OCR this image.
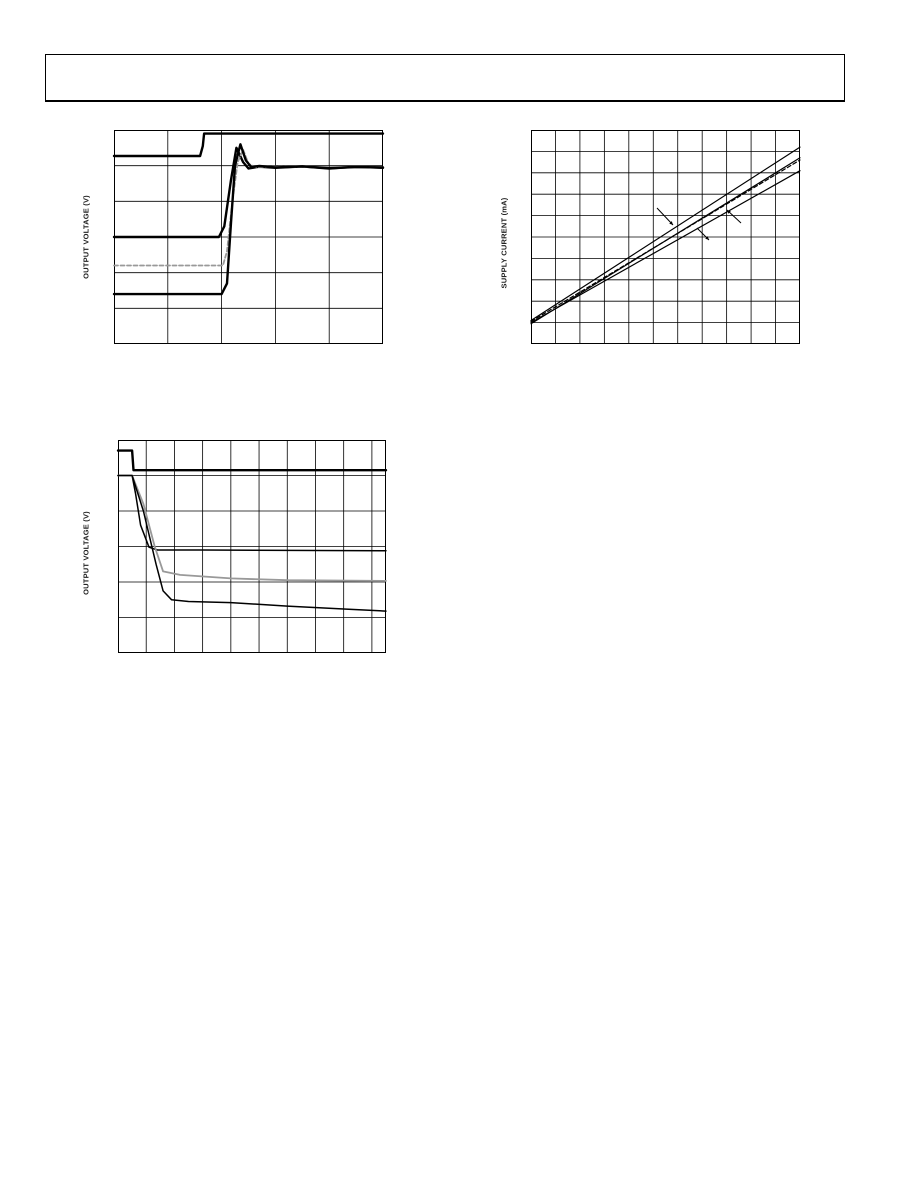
OUTPUT VOLTAGE (V)	SUPPLY CURRENT (mA)
OUTPUT VOLTAGE (V)
